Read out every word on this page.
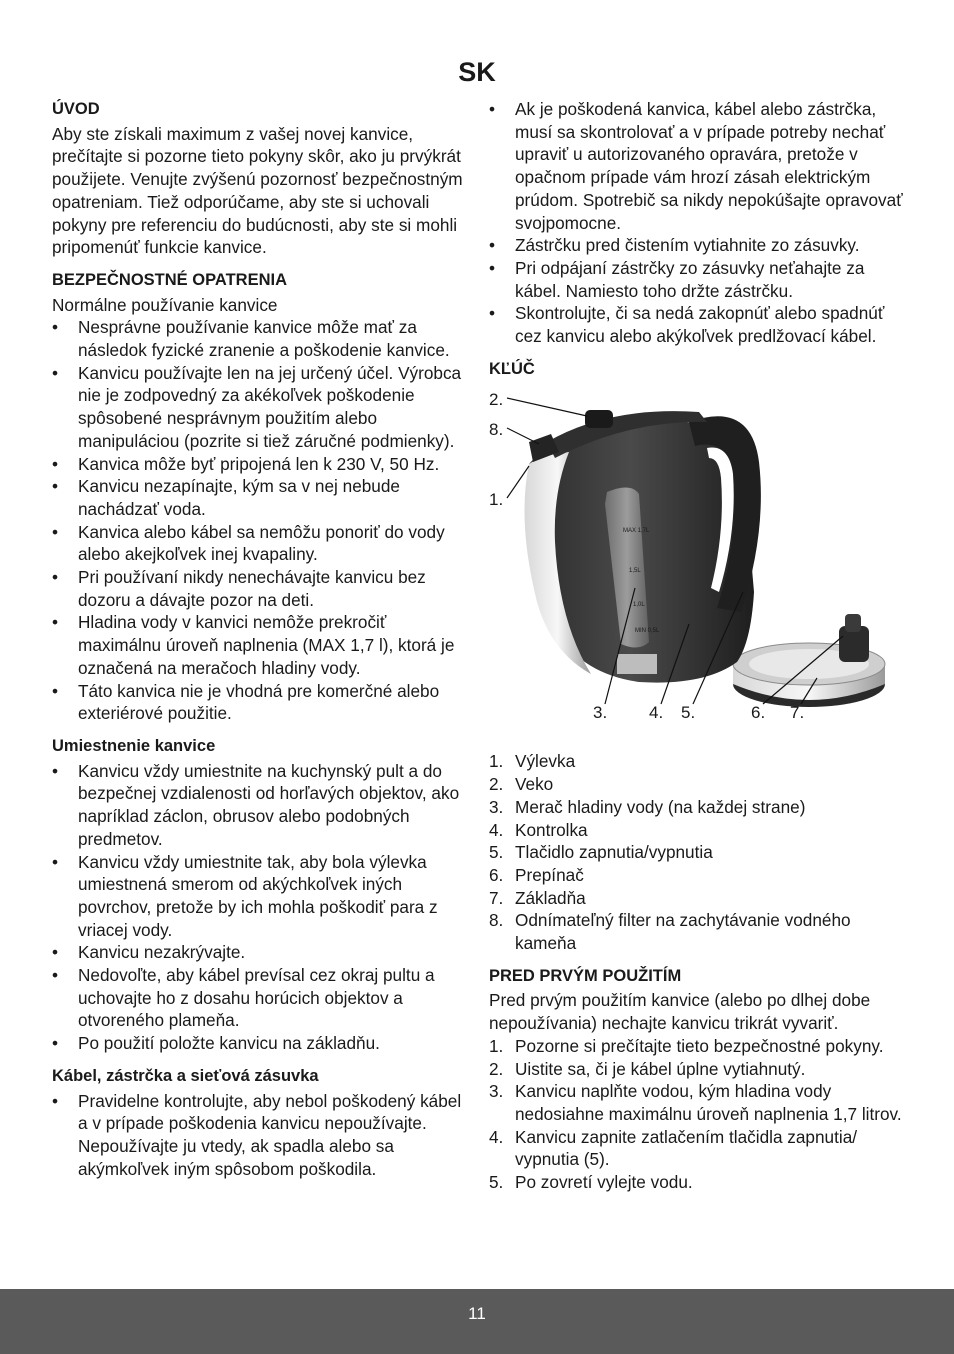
SK
ÚVOD

Aby ste získali maximum z vašej novej kanvice, prečítajte si pozorne tieto pokyny skôr, ako ju prvýkrát použijete. Venujte zvýšenú pozornosť bezpečnostným opatreniam. Tiež odporúčame, aby ste si uchovali pokyny pre referenciu do budúcnosti, aby ste si mohli pripomenúť funkcie kanvice.

BEZPEČNOSTNÉ OPATRENIA

Normálne používanie kanvice

• Nesprávne používanie kanvice môže mať za následok fyzické zranenie a poškodenie kanvice.
• Kanvicu používajte len na jej určený účel. Výrobca nie je zodpovedný za akékoľvek poškodenie spôsobené nesprávnym použitím alebo manipuláciou (pozrite si tiež záručné podmienky).
• Kanvica môže byť pripojená len k 230 V, 50 Hz.
• Kanvicu nezapínajte, kým sa v nej nebude nachádzať voda.
• Kanvica alebo kábel sa nemôžu ponoriť do vody alebo akejkoľvek inej kvapaliny.
• Pri používaní nikdy nenechávajte kanvicu bez dozoru a dávajte pozor na deti.
• Hladina vody v kanvici nemôže prekročiť maximálnu úroveň naplnenia (MAX 1,7 l), ktorá je označená na meračoch hladiny vody.
• Táto kanvica nie je vhodná pre komerčné alebo exteriérové použitie.
Umiestnenie kanvice
• Kanvicu vždy umiestnite na kuchynský pult a do bezpečnej vzdialenosti od horľavých objektov, ako napríklad záclon, obrusov alebo podobných predmetov.
• Kanvicu vždy umiestnite tak, aby bola výlevka umiestnená smerom od akýchkoľvek iných povrchov, pretože by ich mohla poškodiť para z vriacej vody.
• Kanvicu nezakrývajte.
• Nedovoľte, aby kábel prevísal cez okraj pultu a uchovajte ho z dosahu horúcich objektov a otvoreného plameňa.
• Po použití položte kanvicu na základňu.
Kábel, zástrčka a sieťová zásuvka
• Pravidelne kontrolujte, aby nebol poškodený kábel a v prípade poškodenia kanvicu nepoužívajte. Nepoužívajte ju vtedy, ak spadla alebo sa akýmkoľvek iným spôsobom poškodila.
• Ak je poškodená kanvica, kábel alebo zástrčka, musí sa skontrolovať a v prípade potreby nechať upraviť u autorizovaného opravára, pretože v opačnom prípade vám hrozí zásah elektrickým prúdom. Spotrebič sa nikdy nepokúšajte opravovať svojpomocne.
• Zástrčku pred čistením vytiahnite zo zásuvky.
• Pri odpájaní zástrčky zo zásuvky neťahajte za kábel. Namiesto toho držte zástrčku.
• Skontrolujte, či sa nedá zakopnúť alebo spadnúť cez kanvicu alebo akýkoľvek predlžovací kábel.
KĽÚČ
MAX 1,7L
1,5L
1,0L
MIN 0,5L
2.
8.
1.
3. 4. 5.	6. 7.
1. Výlevka
2. Veko
3. Merač hladiny vody (na každej strane)
4. Kontrolka
5. Tlačidlo zapnutia/vypnutia
6. Prepínač
7. Základňa
8. Odnímateľný filter na zachytávanie vodného kameňa
PRED PRVÝM POUŽITÍM

Pred prvým použitím kanvice (alebo po dlhej dobe nepoužívania) nechajte kanvicu trikrát vyvariť.

1. Pozorne si prečítajte tieto bezpečnostné pokyny.
2. Uistite sa, či je kábel úplne vytiahnutý.
3. Kanvicu naplňte vodou, kým hladina vody nedosiahne maximálnu úroveň naplnenia 1,7 litrov.
4. Kanvicu zapnite zatlačením tlačidla zapnutia/ vypnutia (5).
5. Po zovretí vylejte vodu.
11
